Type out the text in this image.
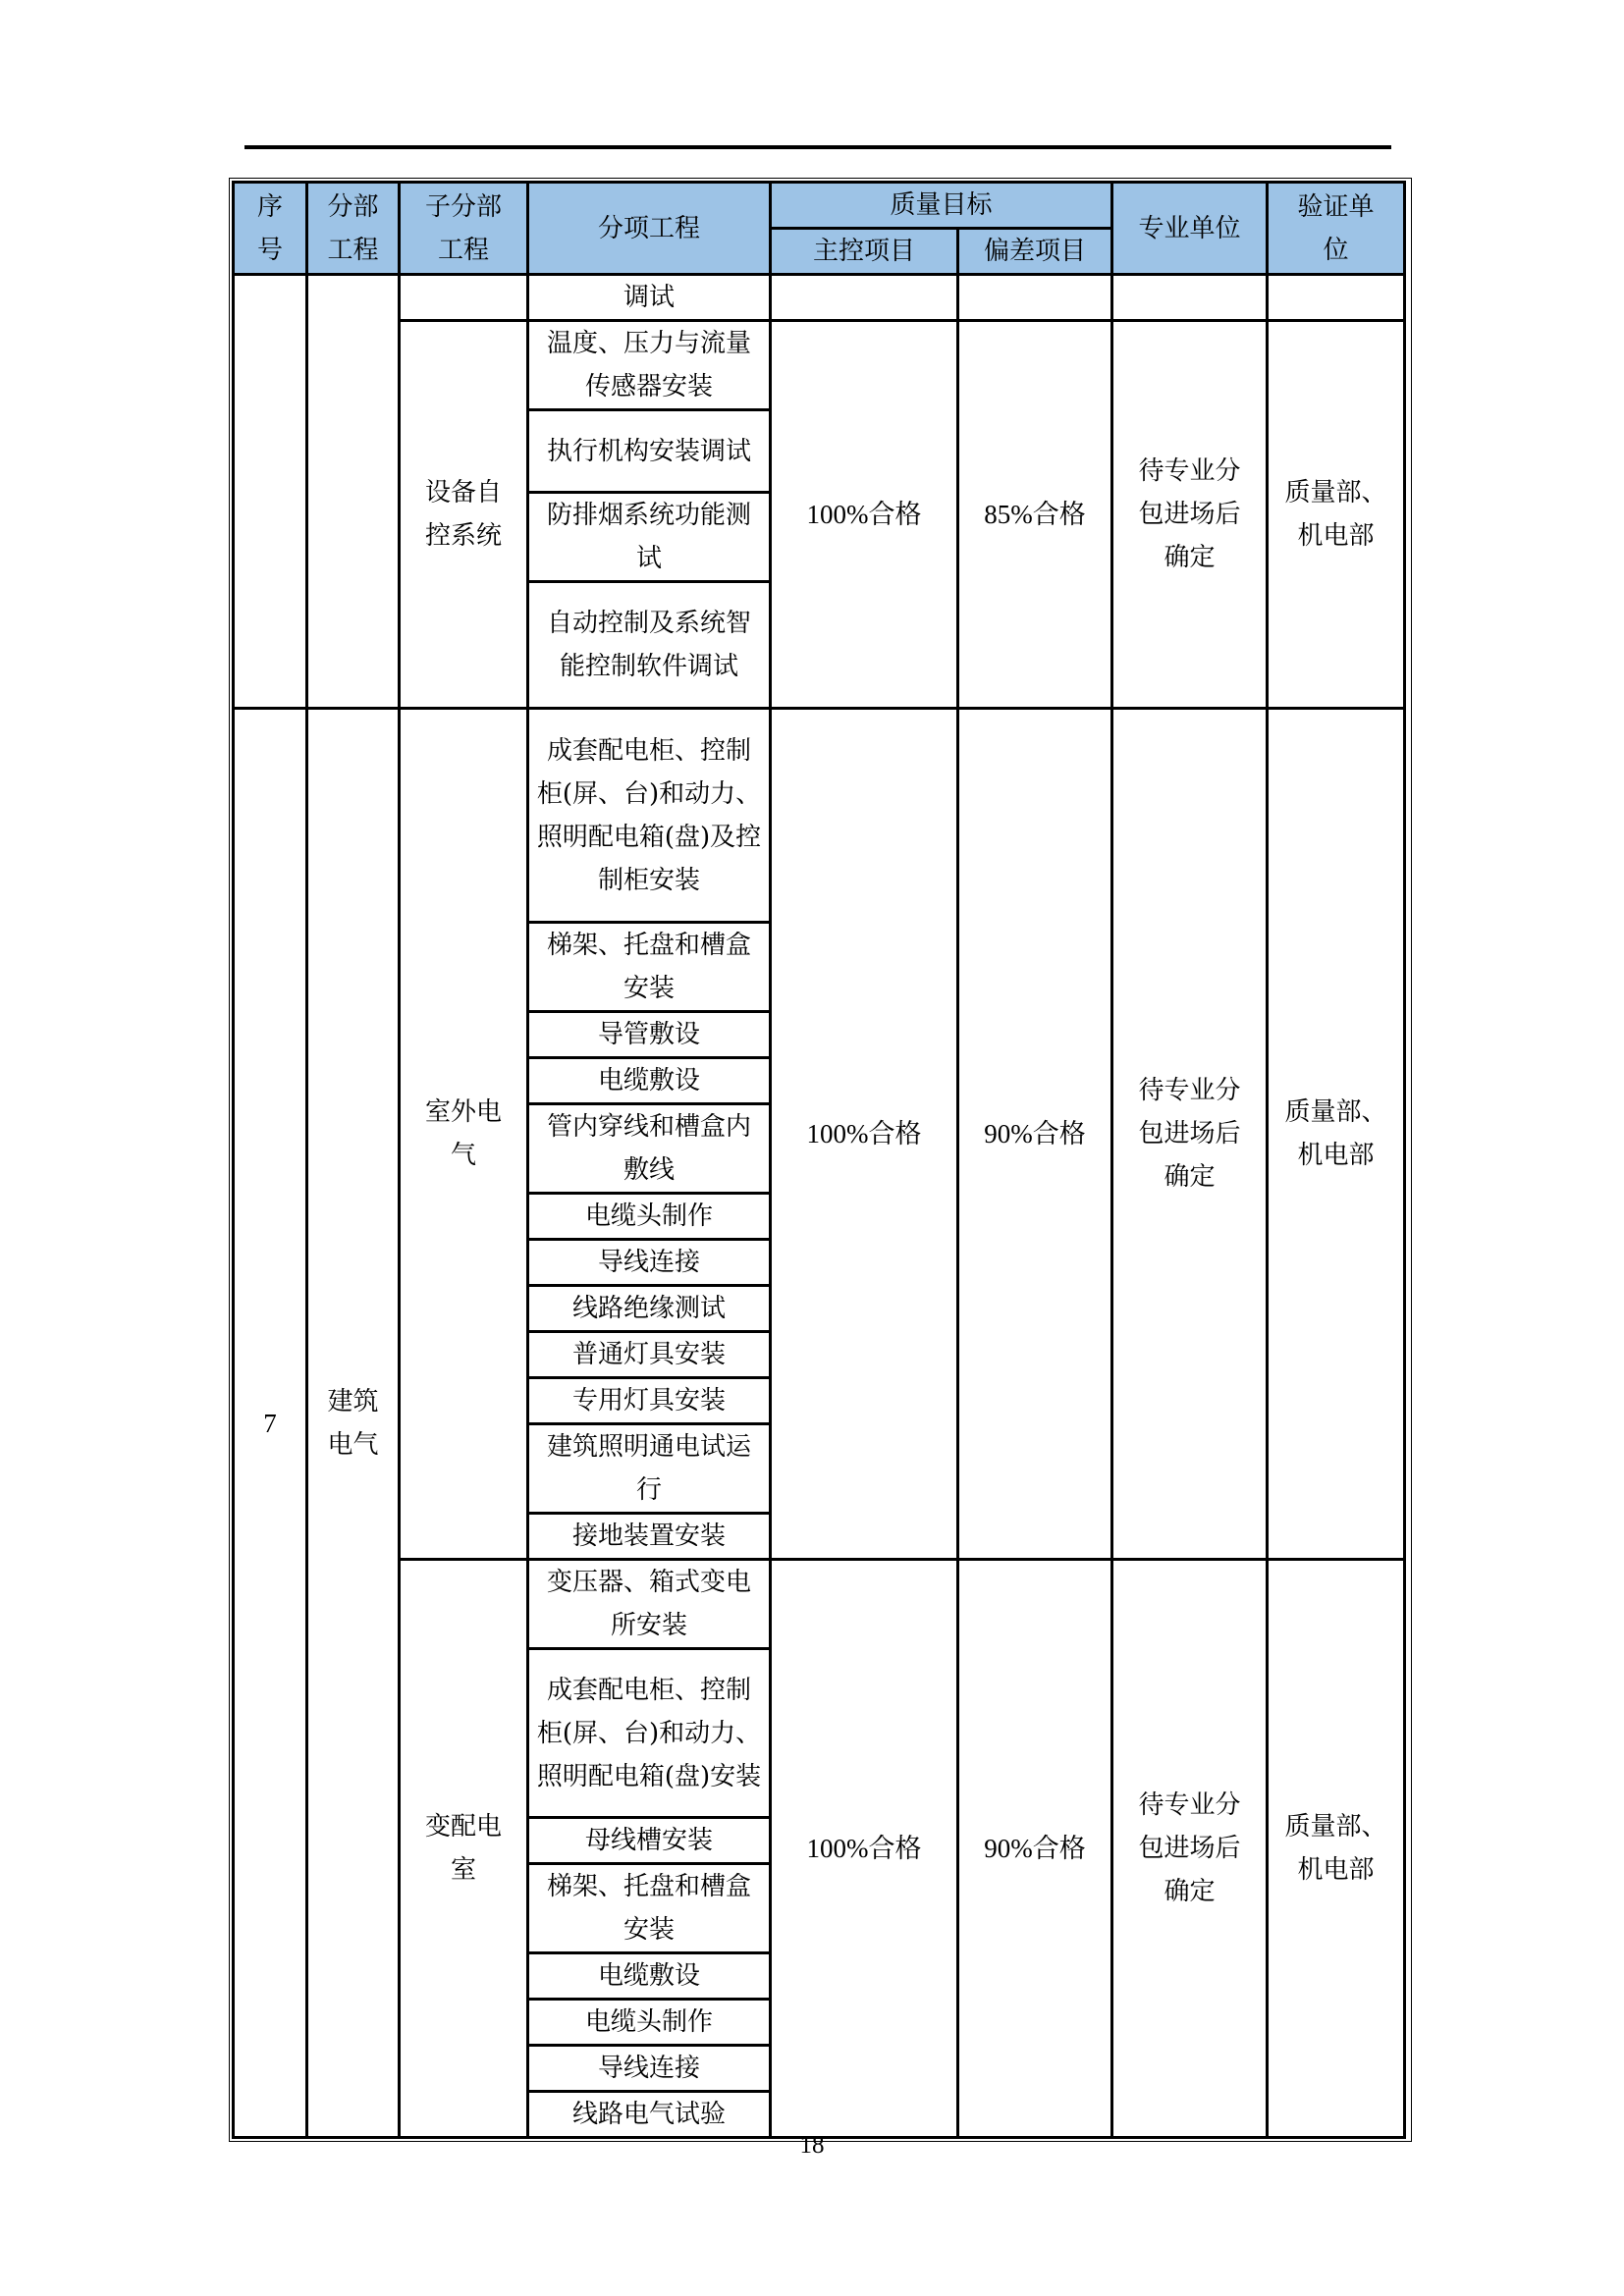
序号	分部工程	子分部工程	分项工程	质量目标		专业单位	验证单位
				主控项目	偏差项目		
			调试				
		设备自控系统	温度、压力与流量传感器安装	100%合格	85%合格	待专业分包进场后确定	质量部、机电部
			执行机构安装调试				
			防排烟系统功能测试				
			自动控制及系统智能控制软件调试				
7	建筑电气	室外电气	成套配电柜、控制柜(屏、台)和动力、照明配电箱(盘)及控制柜安装	100%合格	90%合格	待专业分包进场后确定	质量部、机电部
			梯架、托盘和槽盒安装				
			导管敷设				
			电缆敷设				
			管内穿线和槽盒内敷线				
			电缆头制作				
			导线连接				
			线路绝缘测试				
			普通灯具安装				
			专用灯具安装				
			建筑照明通电试运行				
			接地装置安装				
		变配电室	变压器、箱式变电所安装	100%合格	90%合格	待专业分包进场后确定	质量部、机电部
			成套配电柜、控制柜(屏、台)和动力、照明配电箱(盘)安装				
			母线槽安装				
			梯架、托盘和槽盒安装				
			电缆敷设				
			电缆头制作				
			导线连接				
			线路电气试验				
18
